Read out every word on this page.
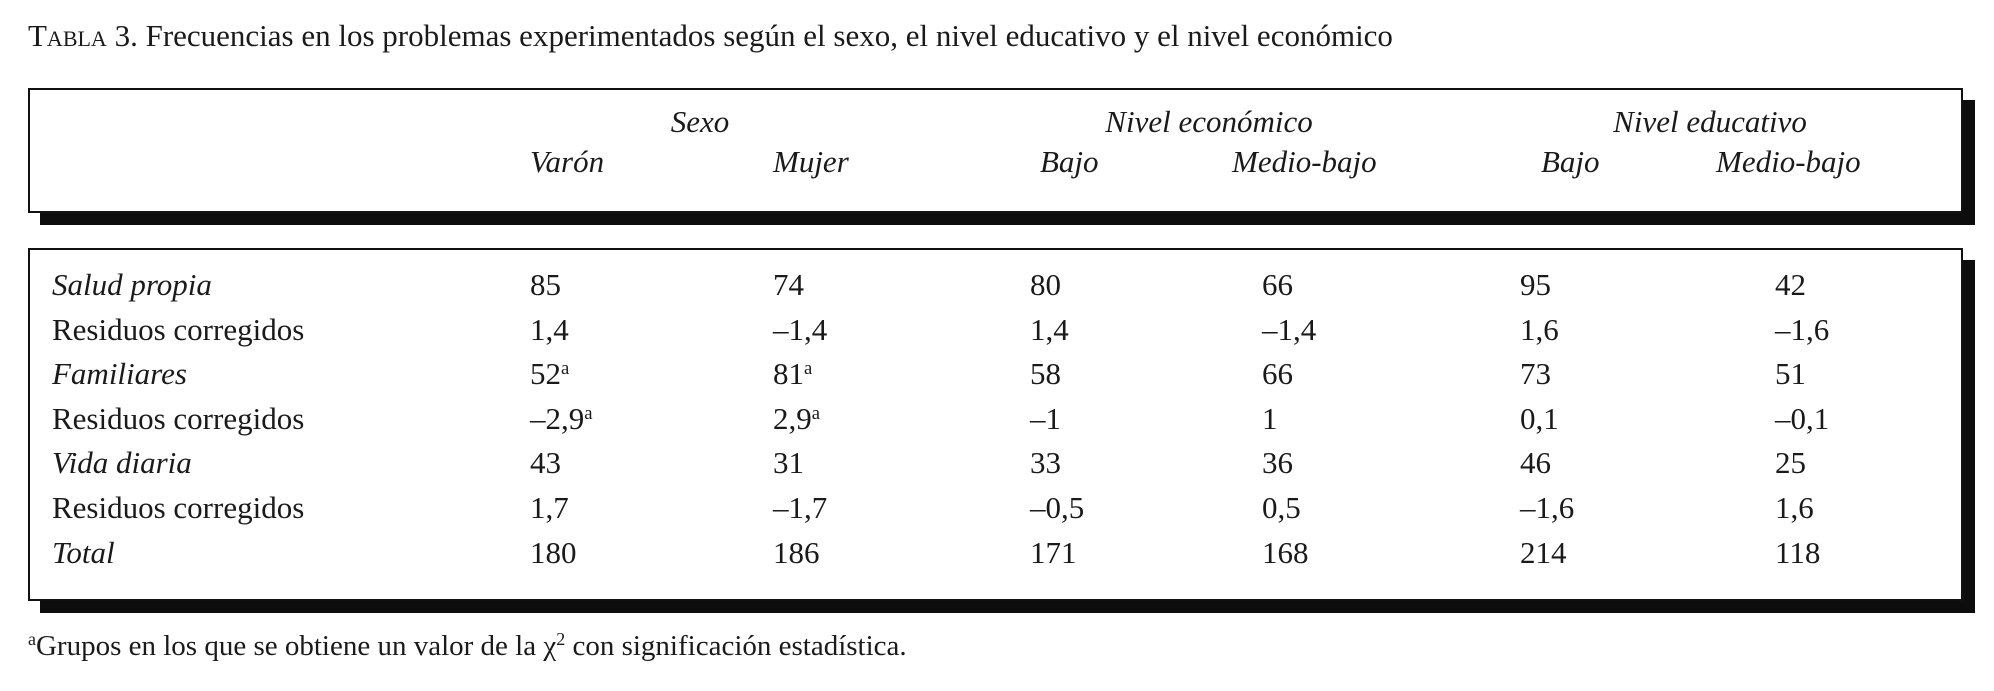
Tabla 3. Frecuencias en los problemas experimentados según el sexo, el nivel educativo y el nivel económico
Sexo	Nivel económico	Nivel educativo
Varón	Mujer	Bajo	Medio-bajo	Bajo	Medio-bajo
Salud propia	85	74	80	66	95	42
Residuos corregidos	1,4	–1,4	1,4	–1,4	1,6	–1,6
Familiares	52$^a$	81$^a$	58	66	73	51
Residuos corregidos	–2,9$^a$	2,9$^a$	–1	1	0,1	–0,1
Vida diaria	43	31	33	36	46	25
Residuos corregidos	1,7	–1,7	–0,5	0,5	–1,6	1,6
Total	180	186	171	168	214	118
$^a$Grupos en los que se obtiene un valor de la $\chi^2$ con significación estadística.
